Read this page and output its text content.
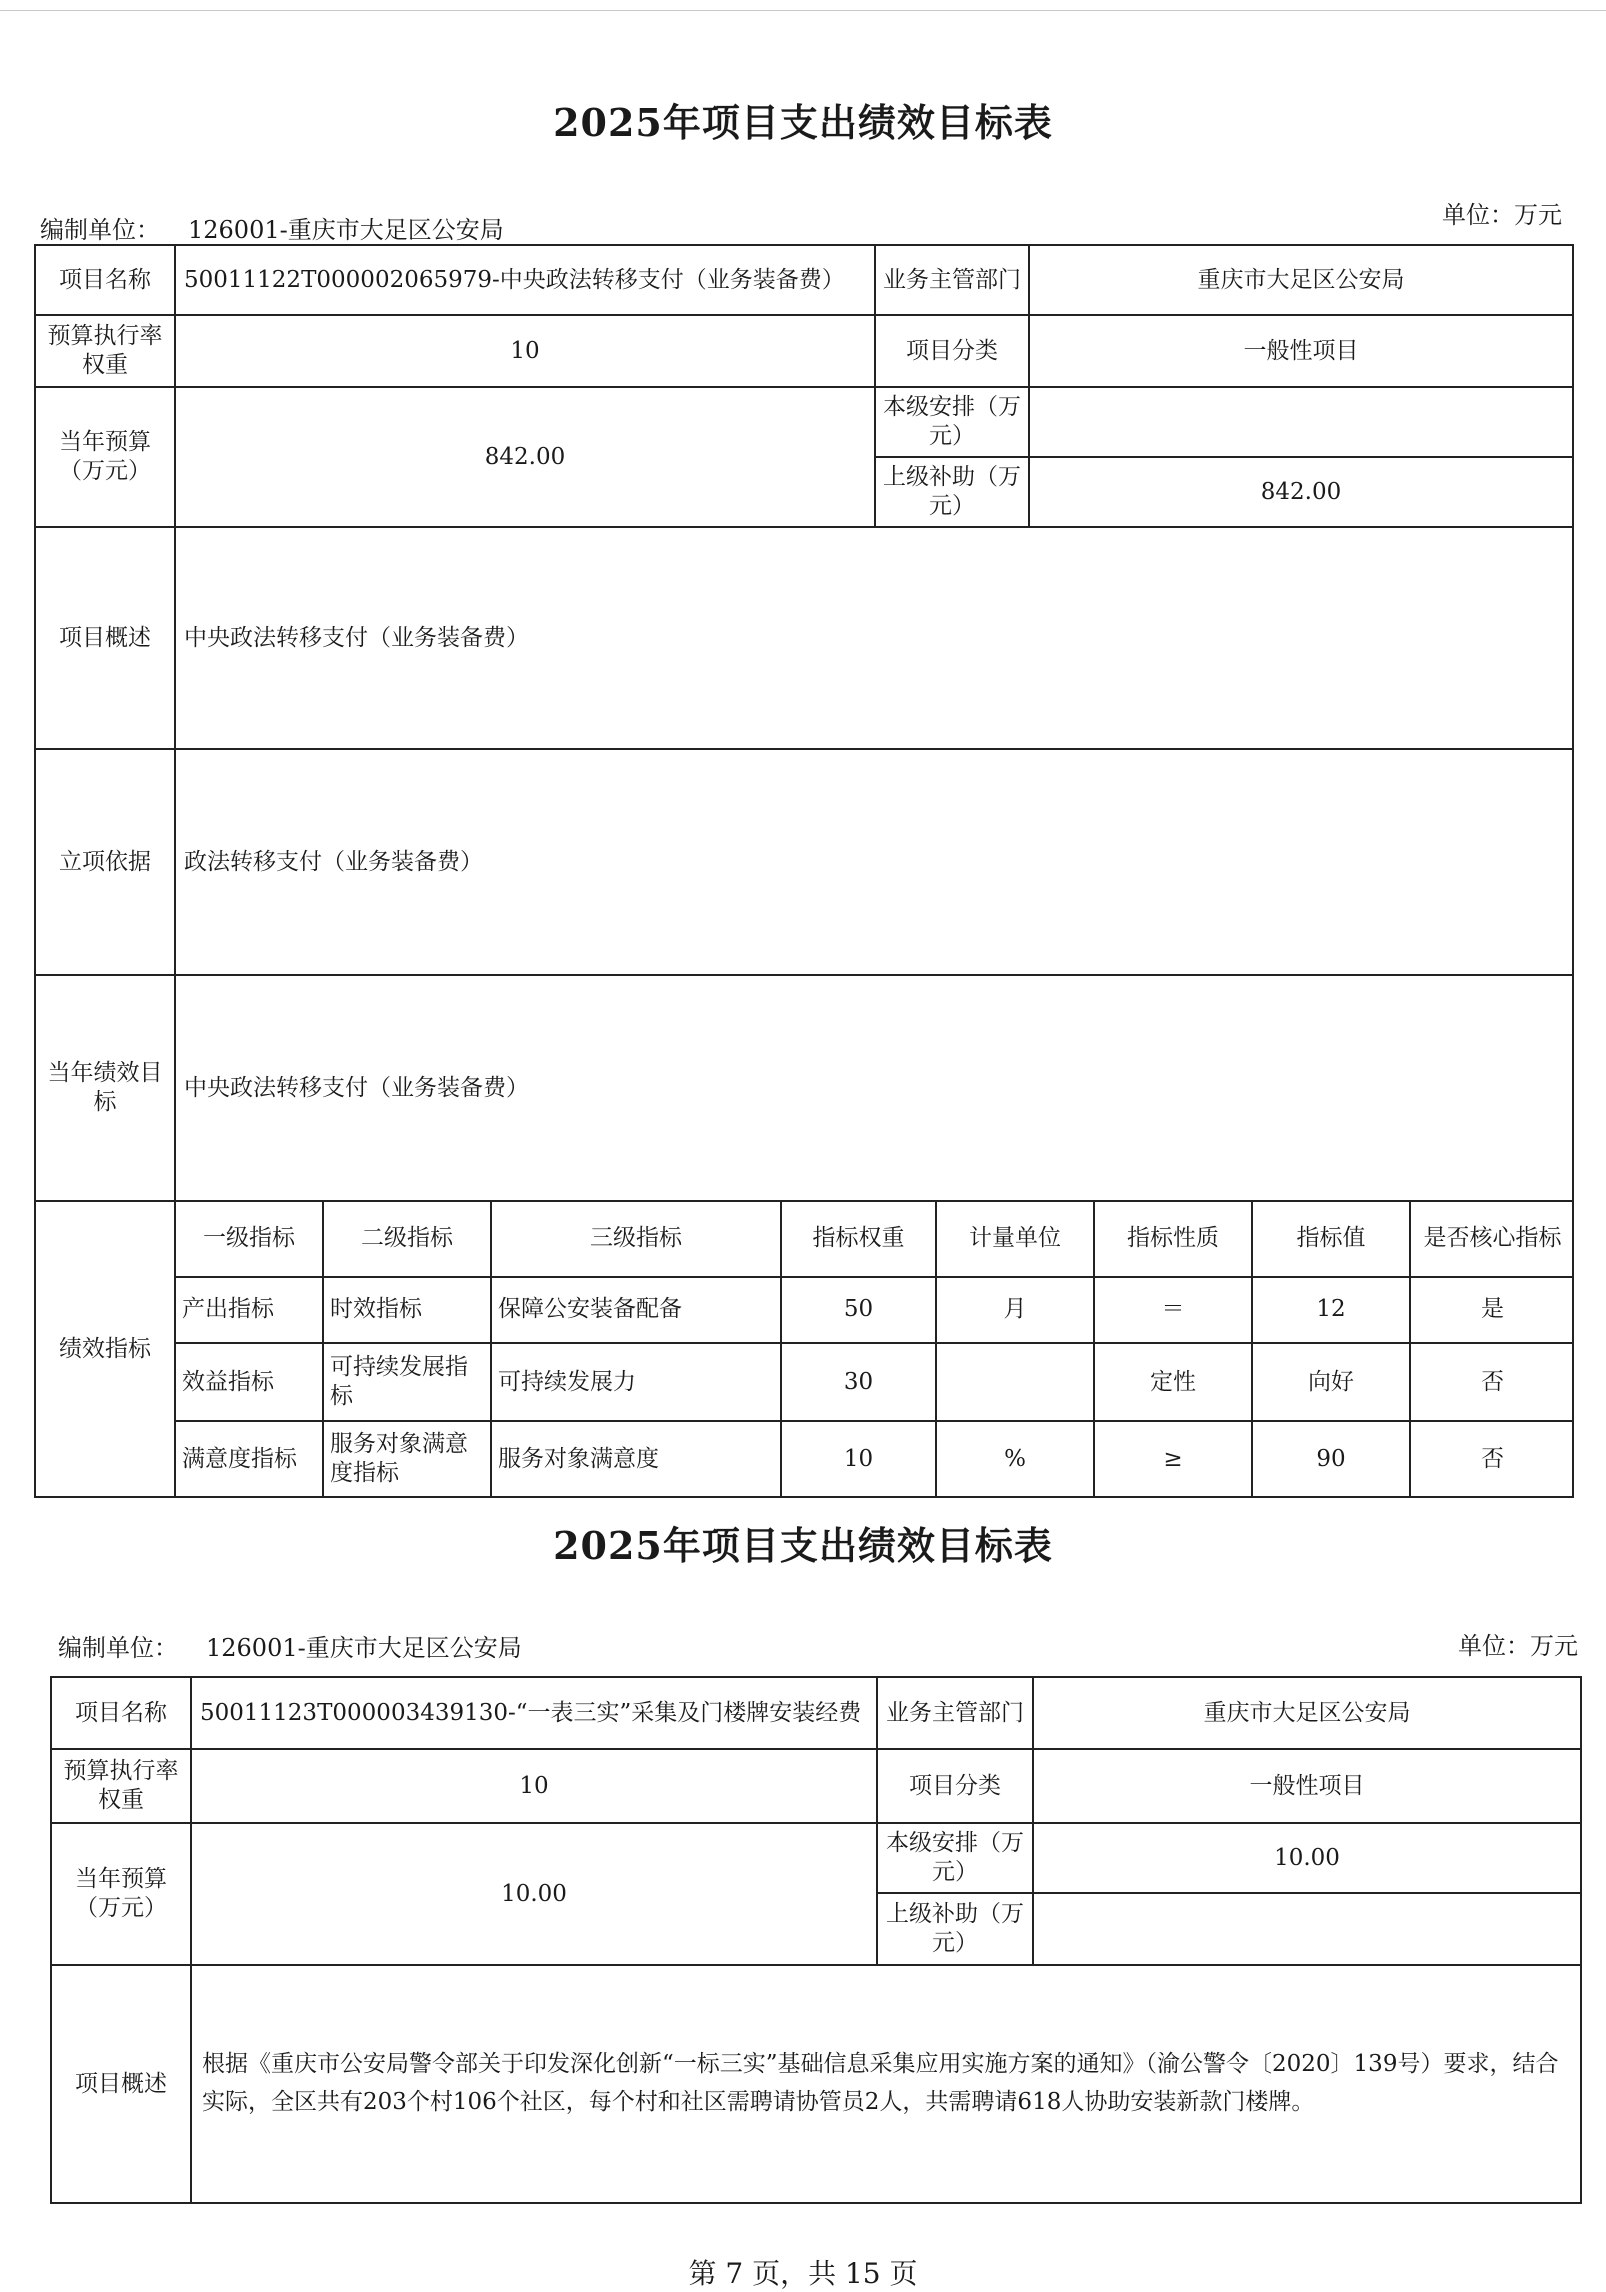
2025年项目支出绩效目标表
编制单位： 126001-重庆市大足区公安局
单位：万元
项目名称	50011122T000002065979-中央政法转移支付（业务装备费）	业务主管部门	重庆市大足区公安局
预算执行率权重	10	项目分类	一般性项目
当年预算（万元）	842.00	本级安排（万元）	
上级补助（万元）	842.00
项目概述	中央政法转移支付（业务装备费）
立项依据	政法转移支付（业务装备费）
当年绩效目标	中央政法转移支付（业务装备费）
绩效指标	
一级指标	二级指标	三级指标	指标权重	计量单位	指标性质	指标值	是否核心指标
产出指标	时效指标	保障公安装备配备	50	月	＝	12	是
效益指标	可持续发展指标	可持续发展力	30		定性	向好	否
满意度指标	服务对象满意度指标	服务对象满意度	10	%	≥	90	否
2025年项目支出绩效目标表
编制单位： 126001-重庆市大足区公安局	单位：万元
项目名称	50011123T000003439130-“一表三实”采集及门楼牌安装经费	业务主管部门	重庆市大足区公安局
预算执行率权重	10	项目分类	一般性项目
当年预算（万元）	10.00	本级安排（万元）	10.00
		上级补助（万元）	
项目概述	根据《重庆市公安局警令部关于印发深化创新“一标三实”基础信息采集应用实施方案的通知》（渝公警令〔2020〕139号）要求，结合实际，全区共有203个村106个社区，每个村和社区需聘请协管员2人，共需聘请618人协助安装新款门楼牌。		
第 7 页，共 15 页
